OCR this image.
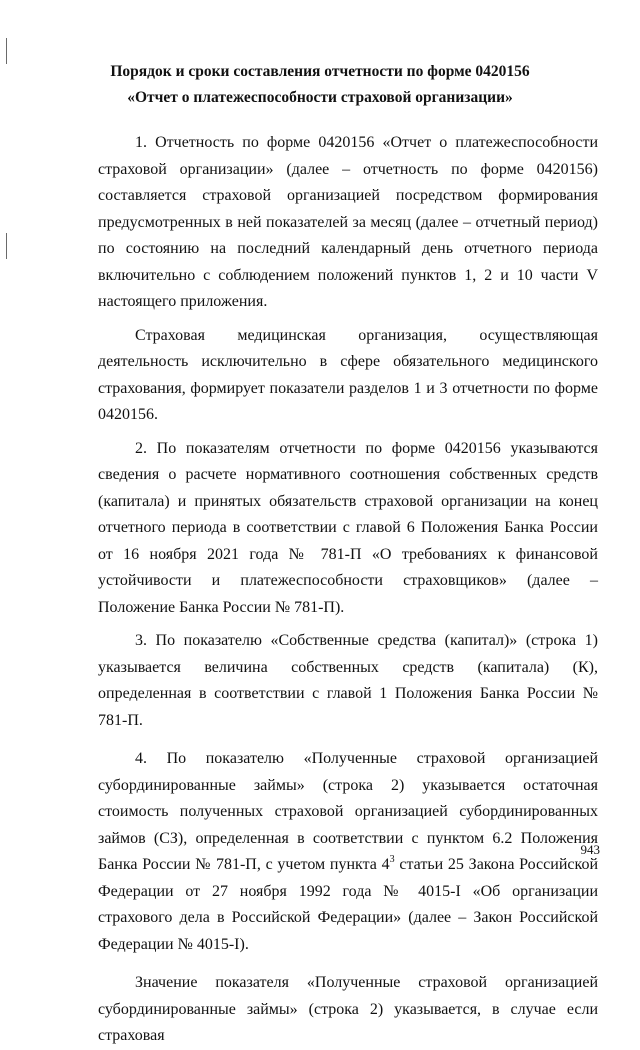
Порядок и сроки составления отчетности по форме 0420156
«Отчет о платежеспособности страховой организации»

1. Отчетность по форме 0420156 «Отчет о платежеспособности страховой организации» (далее – отчетность по форме 0420156) составляется страховой организацией посредством формирования предусмотренных в ней показателей за месяц (далее – отчетный период) по состоянию на последний календарный день отчетного периода включительно с соблюдением положений пунктов 1, 2 и 10 части V настоящего приложения.

Страховая медицинская организация, осуществляющая деятельность исключительно в сфере обязательного медицинского страхования, формирует показатели разделов 1 и 3 отчетности по форме 0420156.

2. По показателям отчетности по форме 0420156 указываются сведения о расчете нормативного соотношения собственных средств (капитала) и принятых обязательств страховой организации на конец отчетного периода в соответствии с главой 6 Положения Банка России от 16 ноября 2021 года № 781-П «О требованиях к финансовой устойчивости и платежеспособности страховщиков» (далее – Положение Банка России № 781-П).

3. По показателю «Собственные средства (капитал)» (строка 1) указывается величина собственных средств (капитала) (К), определенная в соответствии с главой 1 Положения Банка России № 781-П.

4. По показателю «Полученные страховой организацией субординированные займы» (строка 2) указывается остаточная стоимость полученных страховой организацией субординированных займов (СЗ), определенная в соответствии с пунктом 6.2 Положения Банка России № 781-П, с учетом пункта $4^3$ статьи 25 Закона Российской Федерации от 27 ноября 1992 года № 4015-I «Об организации страхового дела в Российской Федерации» (далее – Закон Российской Федерации № 4015-I).

Значение показателя «Полученные страховой организацией субординированные займы» (строка 2) указывается, в случае если страховая

943
